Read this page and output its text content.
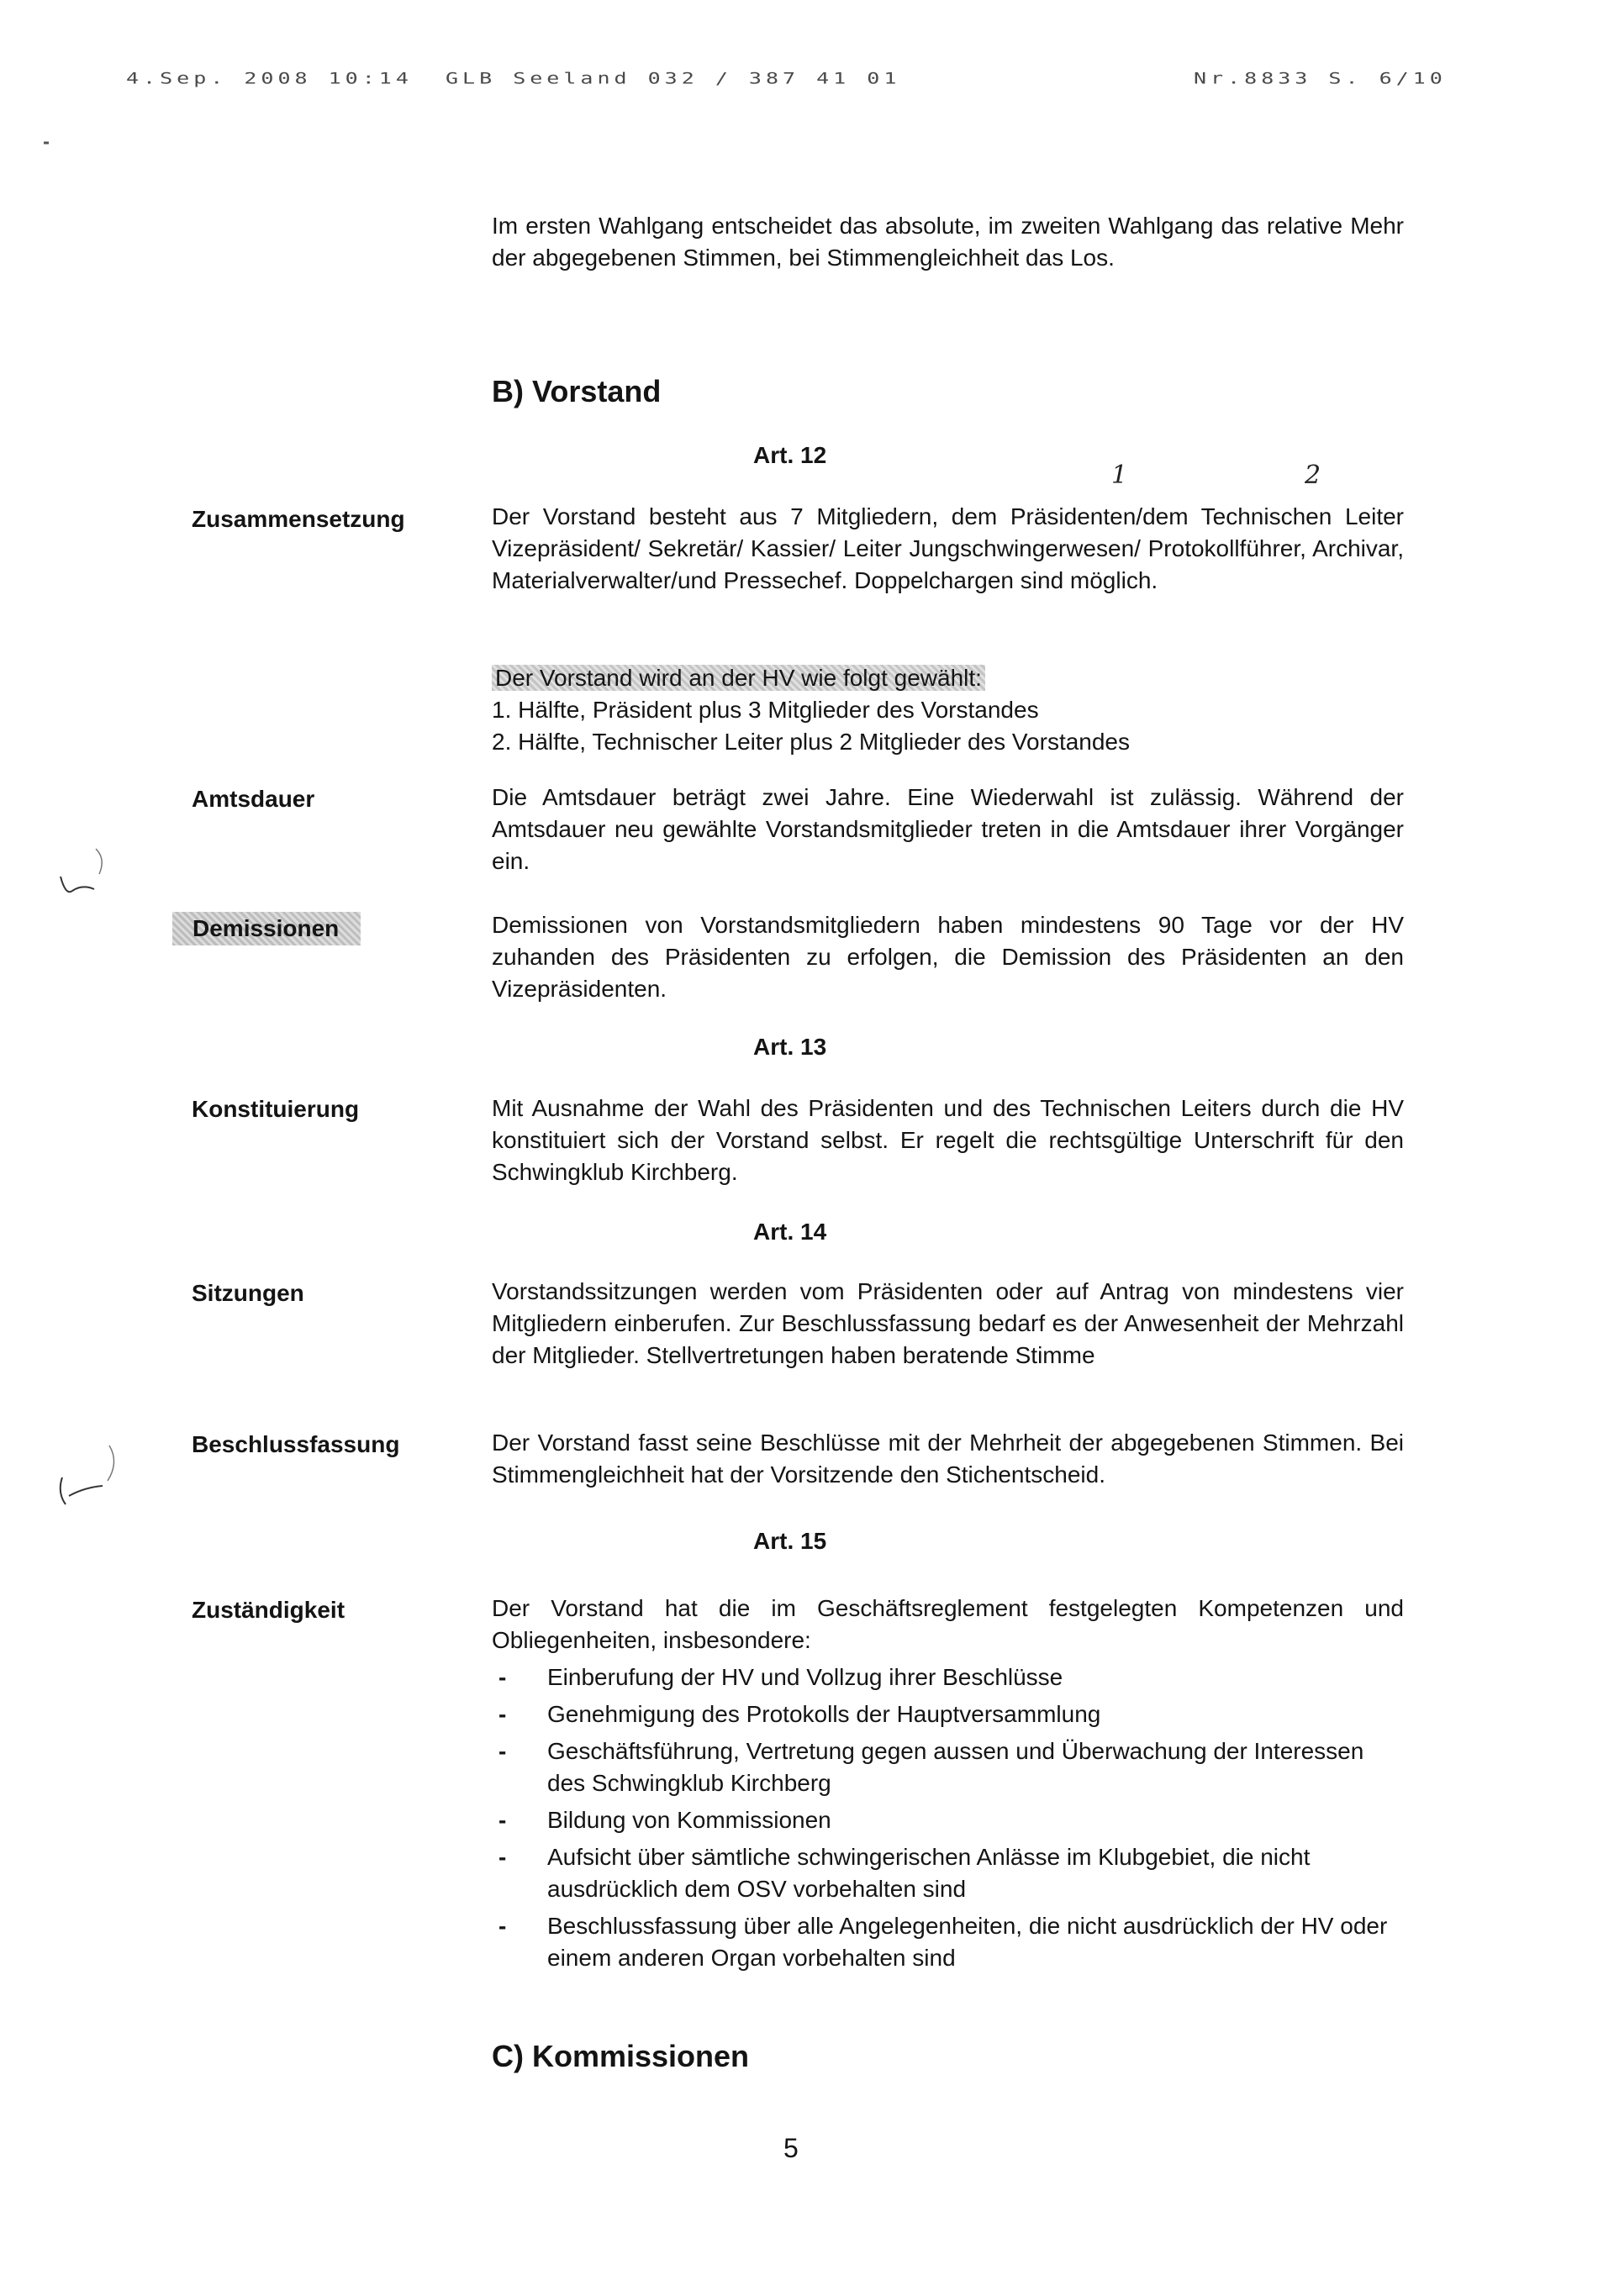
4.Sep. 2008 10:14 GLB Seeland 032 / 387 41 01	Nr.8833 S. 6/10
Im ersten Wahlgang entscheidet das absolute, im zweiten Wahlgang das relative Mehr der abgegebenen Stimmen, bei Stimmengleichheit das Los.
B) Vorstand
Art. 12
1	2
Zusammensetzung	Der Vorstand besteht aus 7 Mitgliedern, dem Präsidenten/dem Technischen Leiter Vizepräsident/ Sekretär/ Kassier/ Leiter Jungschwingerwesen/ Protokollführer, Archivar, Materialverwalter/und Pressechef. Doppelchargen sind möglich.
Der Vorstand wird an der HV wie folgt gewählt:
1. Hälfte, Präsident plus 3 Mitglieder des Vorstandes
2. Hälfte, Technischer Leiter plus 2 Mitglieder des Vorstandes
Amtsdauer	Die Amtsdauer beträgt zwei Jahre. Eine Wiederwahl ist zulässig. Während der Amtsdauer neu gewählte Vorstandsmitglieder treten in die Amtsdauer ihrer Vorgänger ein.
Demissionen	Demissionen von Vorstandsmitgliedern haben mindestens 90 Tage vor der HV zuhanden des Präsidenten zu erfolgen, die Demission des Präsidenten an den Vizepräsidenten.
Art. 13
Konstituierung	Mit Ausnahme der Wahl des Präsidenten und des Technischen Leiters durch die HV konstituiert sich der Vorstand selbst. Er regelt die rechtsgültige Unterschrift für den Schwingklub Kirchberg.
Art. 14
Sitzungen	Vorstandssitzungen werden vom Präsidenten oder auf Antrag von mindestens vier Mitgliedern einberufen. Zur Beschlussfassung bedarf es der Anwesenheit der Mehrzahl der Mitglieder. Stellvertretungen haben beratende Stimme
Beschlussfassung	Der Vorstand fasst seine Beschlüsse mit der Mehrheit der abgegebenen Stimmen. Bei Stimmengleichheit hat der Vorsitzende den Stichentscheid.
Art. 15
Zuständigkeit	Der Vorstand hat die im Geschäftsreglement festgelegten Kompetenzen und Obliegenheiten, insbesondere:
- Einberufung der HV und Vollzug ihrer Beschlüsse
- Genehmigung des Protokolls der Hauptversammlung
- Geschäftsführung, Vertretung gegen aussen und Überwachung der Interessen des Schwingklub Kirchberg
- Bildung von Kommissionen
- Aufsicht über sämtliche schwingerischen Anlässe im Klubgebiet, die nicht ausdrücklich dem OSV vorbehalten sind
- Beschlussfassung über alle Angelegenheiten, die nicht ausdrücklich der HV oder einem anderen Organ vorbehalten sind
C) Kommissionen
5
